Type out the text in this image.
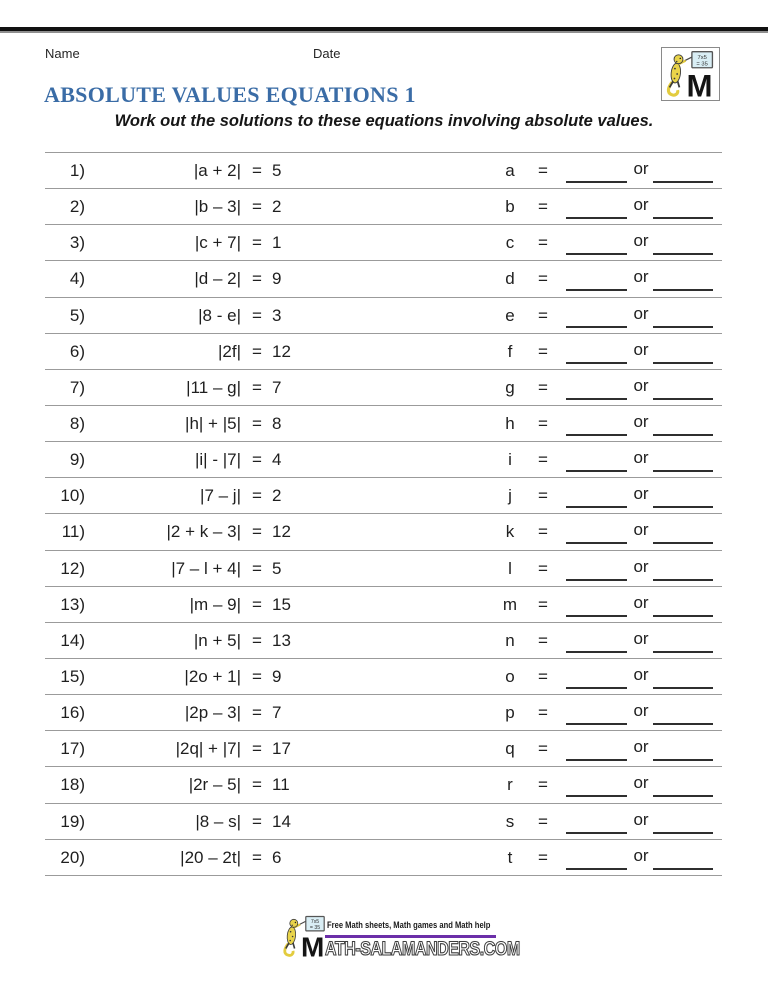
Name	Date
ABSOLUTE VALUES EQUATIONS 1
Work out the solutions to these equations involving absolute values.
1)	|a + 2| = 5	a	=	or
2)	|b – 3| = 2	b	=	or
3)	|c + 7| = 1	c	=	or
4)	|d – 2| = 9	d	=	or
5)	|8 - e| = 3	e	=	or
6)	|2f| = 12	f	=	or
7)	|11 – g| = 7	g	=	or
8)	|h| + |5| = 8	h	=	or
9)	|i| - |7| = 4	i	=	or
10)	|7 – j| = 2	j	=	or
11)	|2 + k – 3| = 12	k	=	or
12)	|7 – l + 4| = 5	l	=	or
13)	|m – 9| = 15	m	=	or
14)	|n + 5| = 13	n	=	or
15)	|2o + 1| = 9	o	=	or
16)	|2p – 3| = 7	p	=	or
17)	|2q| + |7| = 17	q	=	or
18)	|2r – 5| = 11	r	=	or
19)	|8 – s| = 14	s	=	or
20)	|20 – 2t| = 6	t	=	or
Free Math sheets, Math games and Math help
ATH-SALAMANDERS.COM
